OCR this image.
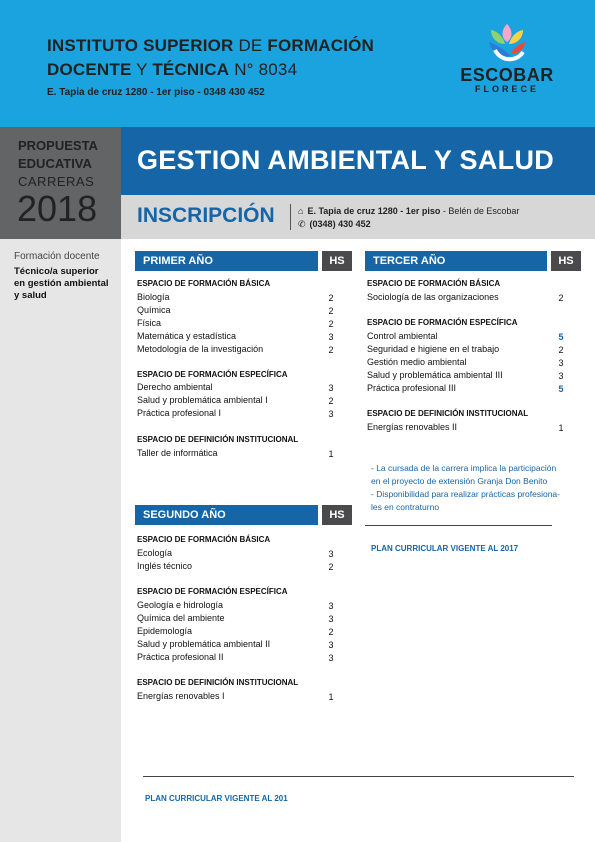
INSTITUTO SUPERIOR DE FORMACIÓN
DOCENTE Y TÉCNICA N° 8034
E. Tapia de cruz 1280 - 1er piso - 0348 430 452
ESCOBAR
FLORECE
PROPUESTA
EDUCATIVA
CARRERAS
2018
Formación docente
Técnico/a superior
en gestión ambiental
y salud
GESTION AMBIENTAL Y SALUD
INSCRIPCIÓN	⌂ E. Tapia de cruz 1280 - 1er piso - Belén de Escobar
✆ (0348) 430 452
PRIMER AÑO	HS
ESPACIO DE FORMACIÓN BÁSICA
Biología	2
Química	2
Física	2
Matemática y estadística	3
Metodología de la investigación	2
ESPACIO DE FORMACIÓN ESPECÍFICA
Derecho ambiental	3
Salud y problemática ambiental I	2
Práctica profesional I	3
ESPACIO DE DEFINICIÓN INSTITUCIONAL
Taller de informática	1
TERCER AÑO	HS
ESPACIO DE FORMACIÓN BÁSICA
Sociología de las organizaciones	2
ESPACIO DE FORMACIÓN ESPECÍFICA
Control ambiental	5
Seguridad e higiene en el trabajo	2
Gestión medio ambiental	3
Salud y problemática ambiental III	3
Práctica profesional III	5
ESPACIO DE DEFINICIÓN INSTITUCIONAL
Energías renovables II	1
- La cursada de la carrera implica la participación
en el proyecto de extensión Granja Don Benito
- Disponibilidad para realizar prácticas profesiona-
les en contraturno
PLAN CURRICULAR VIGENTE AL 2017
SEGUNDO AÑO	HS
ESPACIO DE FORMACIÓN BÁSICA
Ecología	3
Inglés técnico	2
ESPACIO DE FORMACIÓN ESPECÍFICA
Geología e hidrología	3
Química del ambiente	3
Epidemología	2
Salud y problemática ambiental II	3
Práctica profesional II	3
ESPACIO DE DEFINICIÓN INSTITUCIONAL
Energías renovables I	1
PLAN CURRICULAR VIGENTE AL 201
